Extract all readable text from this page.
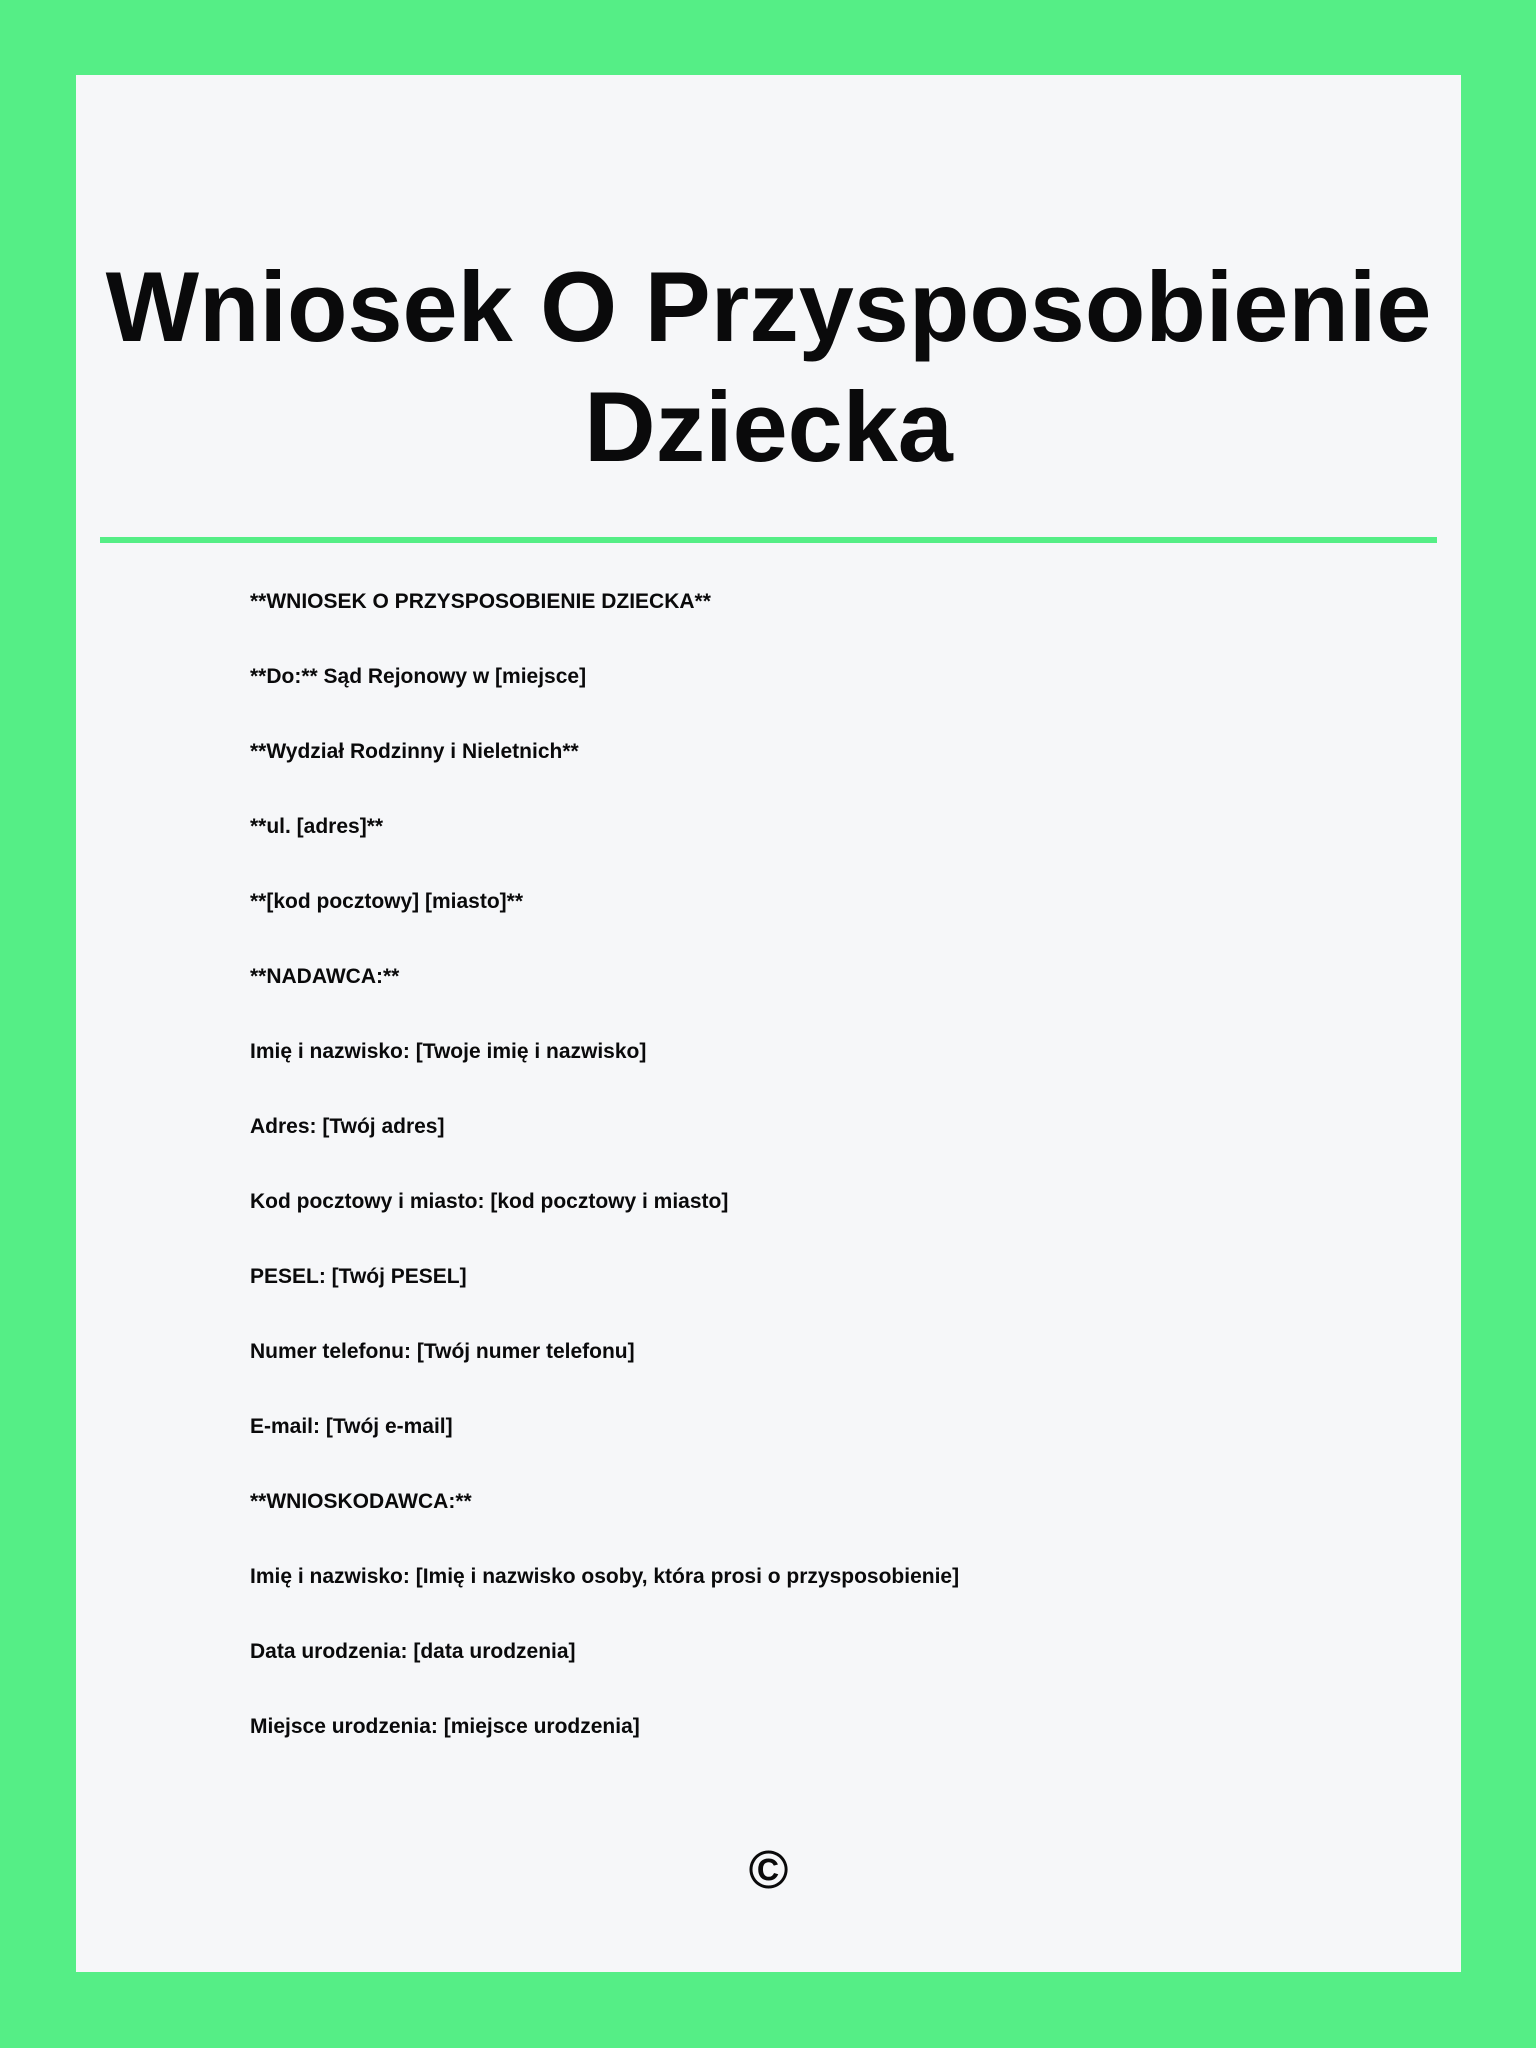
Wniosek O Przysposobienie Dziecka
**WNIOSEK O PRZYSPOSOBIENIE DZIECKA**
**Do:** Sąd Rejonowy w [miejsce]
**Wydział Rodzinny i Nieletnich**
**ul. [adres]**
**[kod pocztowy] [miasto]**
**NADAWCA:**
Imię i nazwisko: [Twoje imię i nazwisko]
Adres: [Twój adres]
Kod pocztowy i miasto: [kod pocztowy i miasto]
PESEL: [Twój PESEL]
Numer telefonu: [Twój numer telefonu]
E-mail: [Twój e-mail]
**WNIOSKODAWCA:**
Imię i nazwisko: [Imię i nazwisko osoby, która prosi o przysposobienie]
Data urodzenia: [data urodzenia]
Miejsce urodzenia: [miejsce urodzenia]
©
